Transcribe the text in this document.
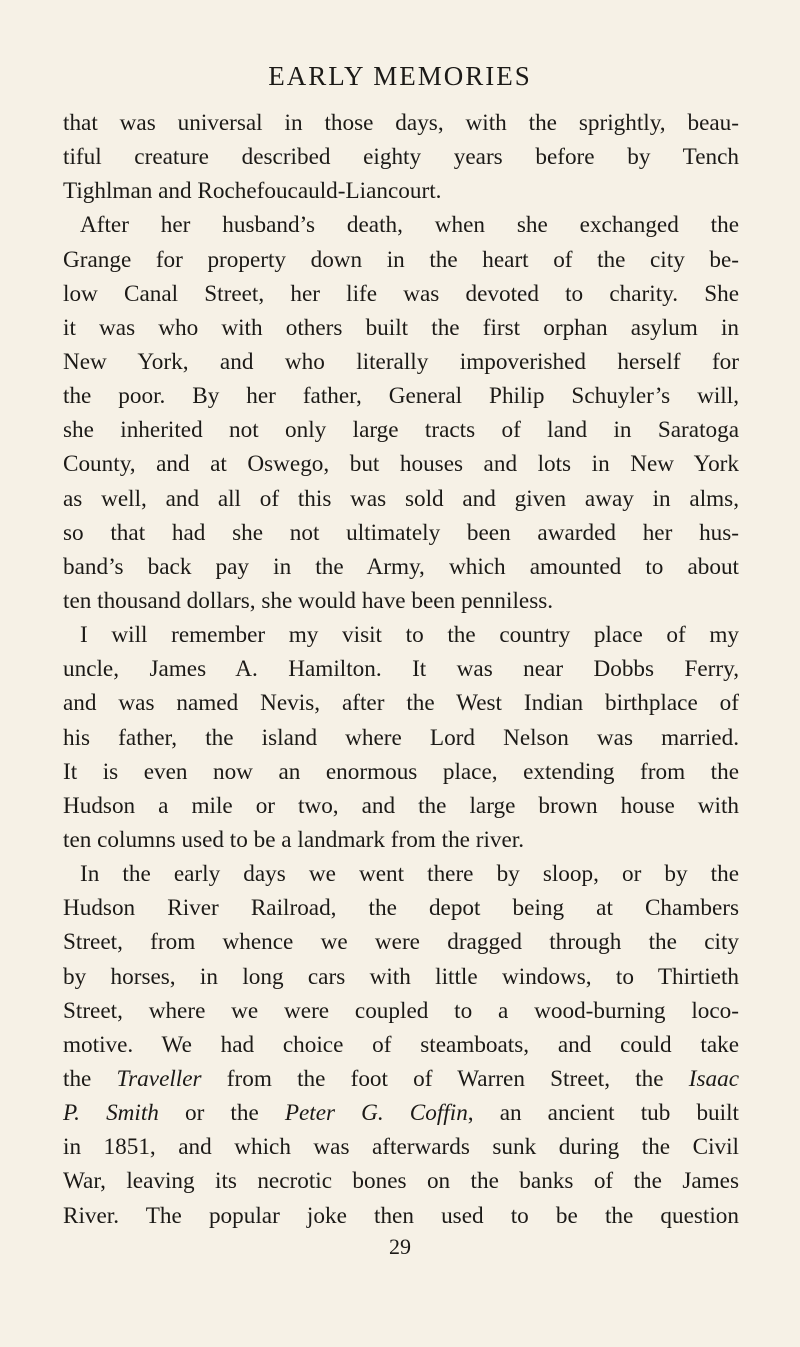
EARLY MEMORIES
that was universal in those days, with the sprightly, beau-
tiful creature described eighty years before by Tench
Tighlman and Rochefoucauld-Liancourt.
After her husband’s death, when she exchanged the
Grange for property down in the heart of the city be-
low Canal Street, her life was devoted to charity. She
it was who with others built the first orphan asylum in
New York, and who literally impoverished herself for
the poor. By her father, General Philip Schuyler’s will,
she inherited not only large tracts of land in Saratoga
County, and at Oswego, but houses and lots in New York
as well, and all of this was sold and given away in alms,
so that had she not ultimately been awarded her hus-
band’s back pay in the Army, which amounted to about
ten thousand dollars, she would have been penniless.
I will remember my visit to the country place of my
uncle, James A. Hamilton. It was near Dobbs Ferry,
and was named Nevis, after the West Indian birthplace of
his father, the island where Lord Nelson was married.
It is even now an enormous place, extending from the
Hudson a mile or two, and the large brown house with
ten columns used to be a landmark from the river.
In the early days we went there by sloop, or by the
Hudson River Railroad, the depot being at Chambers
Street, from whence we were dragged through the city
by horses, in long cars with little windows, to Thirtieth
Street, where we were coupled to a wood-burning loco-
motive. We had choice of steamboats, and could take
the Traveller from the foot of Warren Street, the Isaac
P. Smith or the Peter G. Coffin, an ancient tub built
in 1851, and which was afterwards sunk during the Civil
War, leaving its necrotic bones on the banks of the James
River. The popular joke then used to be the question
29
